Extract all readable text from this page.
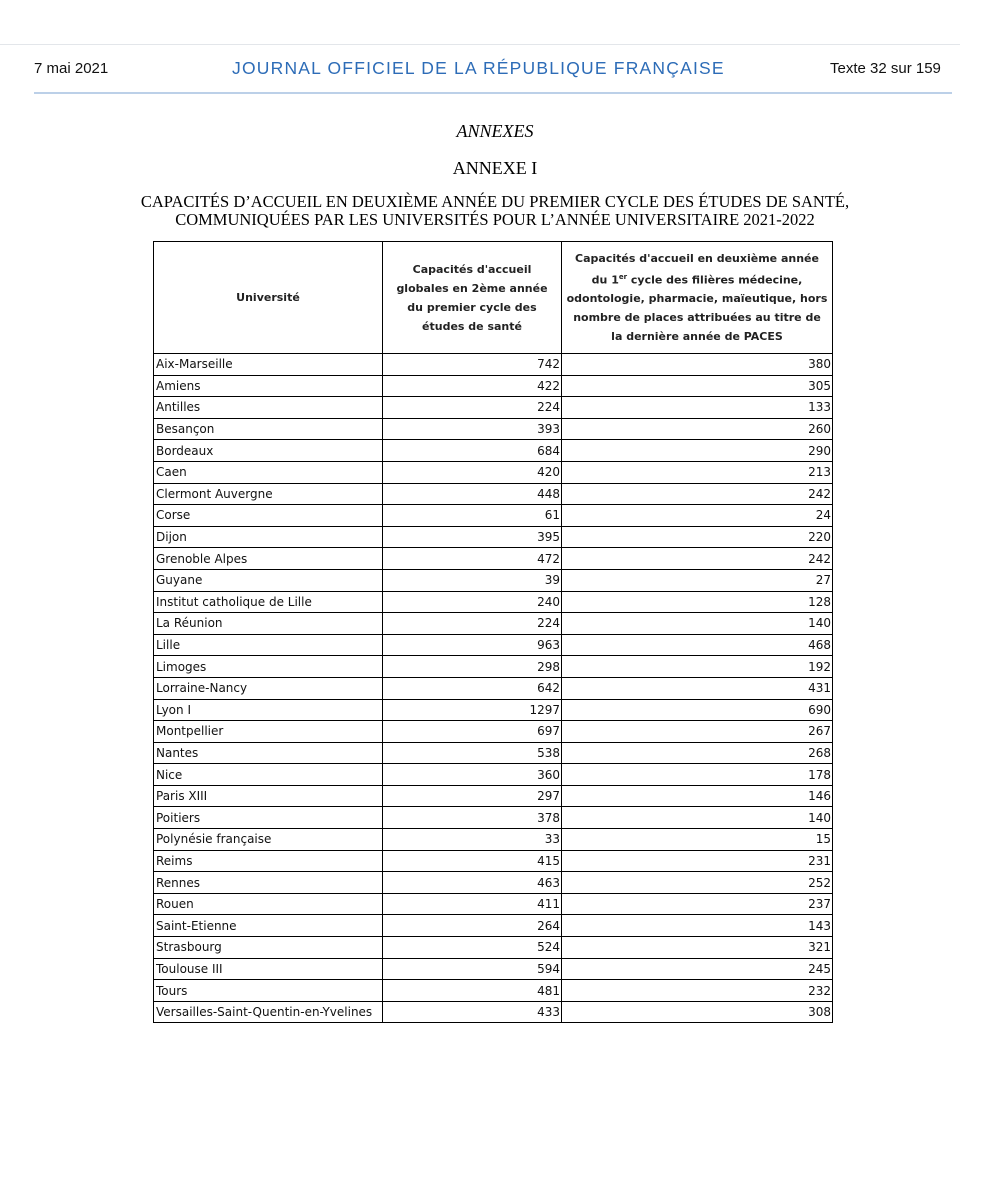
7 mai 2021	JOURNAL OFFICIEL DE LA RÉPUBLIQUE FRANÇAISE	Texte 32 sur 159
ANNEXES
ANNEXE I
CAPACITÉS D’ACCUEIL EN DEUXIÈME ANNÉE DU PREMIER CYCLE DES ÉTUDES DE SANTÉ,
COMMUNIQUÉES PAR LES UNIVERSITÉS POUR L’ANNÉE UNIVERSITAIRE 2021-2022
Université	Capacités d'accueil globales en 2ème année du premier cycle des études de santé	Capacités d'accueil en deuxième année du 1er cycle des filières médecine, odontologie, pharmacie, maïeutique, hors nombre de places attribuées au titre de la dernière année de PACES
Aix-Marseille	742	380
Amiens	422	305
Antilles	224	133
Besançon	393	260
Bordeaux	684	290
Caen	420	213
Clermont Auvergne	448	242
Corse	61	24
Dijon	395	220
Grenoble Alpes	472	242
Guyane	39	27
Institut catholique de Lille	240	128
La Réunion	224	140
Lille	963	468
Limoges	298	192
Lorraine-Nancy	642	431
Lyon I	1297	690
Montpellier	697	267
Nantes	538	268
Nice	360	178
Paris XIII	297	146
Poitiers	378	140
Polynésie française	33	15
Reims	415	231
Rennes	463	252
Rouen	411	237
Saint-Etienne	264	143
Strasbourg	524	321
Toulouse III	594	245
Tours	481	232
Versailles-Saint-Quentin-en-Yvelines	433	308
